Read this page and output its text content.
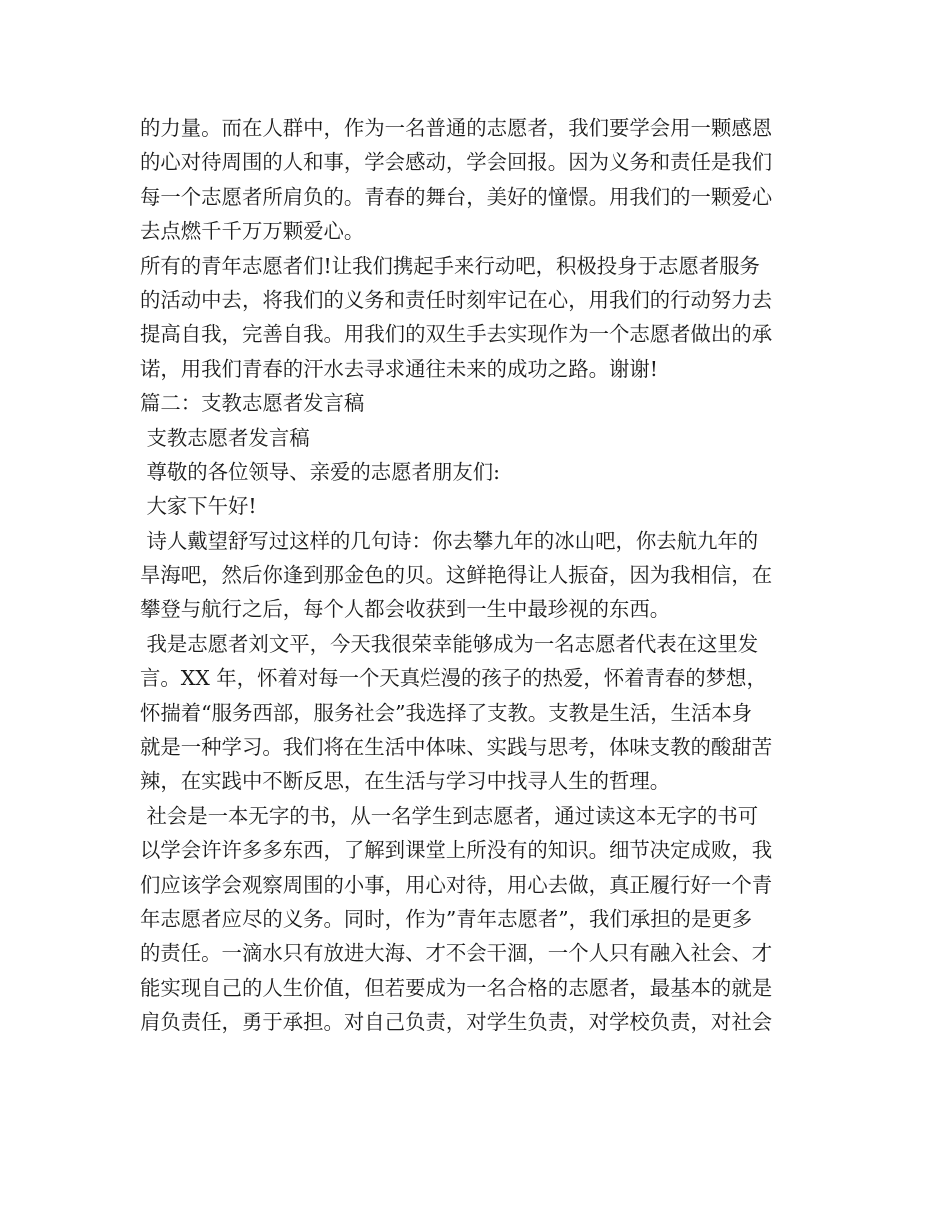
的力量。而在人群中，作为一名普通的志愿者，我们要学会用一颗感恩
的心对待周围的人和事，学会感动，学会回报。因为义务和责任是我们
每一个志愿者所肩负的。青春的舞台，美好的憧憬。用我们的一颗爱心
去点燃千千万万颗爱心。
所有的青年志愿者们!让我们携起手来行动吧，积极投身于志愿者服务
的活动中去，将我们的义务和责任时刻牢记在心，用我们的行动努力去
提高自我，完善自我。用我们的双生手去实现作为一个志愿者做出的承
诺，用我们青春的汗水去寻求通往未来的成功之路。谢谢!
篇二：支教志愿者发言稿
支教志愿者发言稿
尊敬的各位领导、亲爱的志愿者朋友们:
大家下午好!
诗人戴望舒写过这样的几句诗：你去攀九年的冰山吧，你去航九年的
旱海吧，然后你逢到那金色的贝。这鲜艳得让人振奋，因为我相信，在
攀登与航行之后，每个人都会收获到一生中最珍视的东西。
我是志愿者刘文平，今天我很荣幸能够成为一名志愿者代表在这里发
言。XX 年，怀着对每一个天真烂漫的孩子的热爱，怀着青春的梦想，
怀揣着“服务西部，服务社会”我选择了支教。支教是生活，生活本身
就是一种学习。我们将在生活中体味、实践与思考，体味支教的酸甜苦
辣，在实践中不断反思，在生活与学习中找寻人生的哲理。
社会是一本无字的书，从一名学生到志愿者，通过读这本无字的书可
以学会许许多多东西，了解到课堂上所没有的知识。细节决定成败，我
们应该学会观察周围的小事，用心对待，用心去做，真正履行好一个青
年志愿者应尽的义务。同时，作为”青年志愿者”，我们承担的是更多
的责任。一滴水只有放进大海、才不会干涸，一个人只有融入社会、才
能实现自己的人生价值，但若要成为一名合格的志愿者，最基本的就是
肩负责任，勇于承担。对自己负责，对学生负责，对学校负责，对社会
